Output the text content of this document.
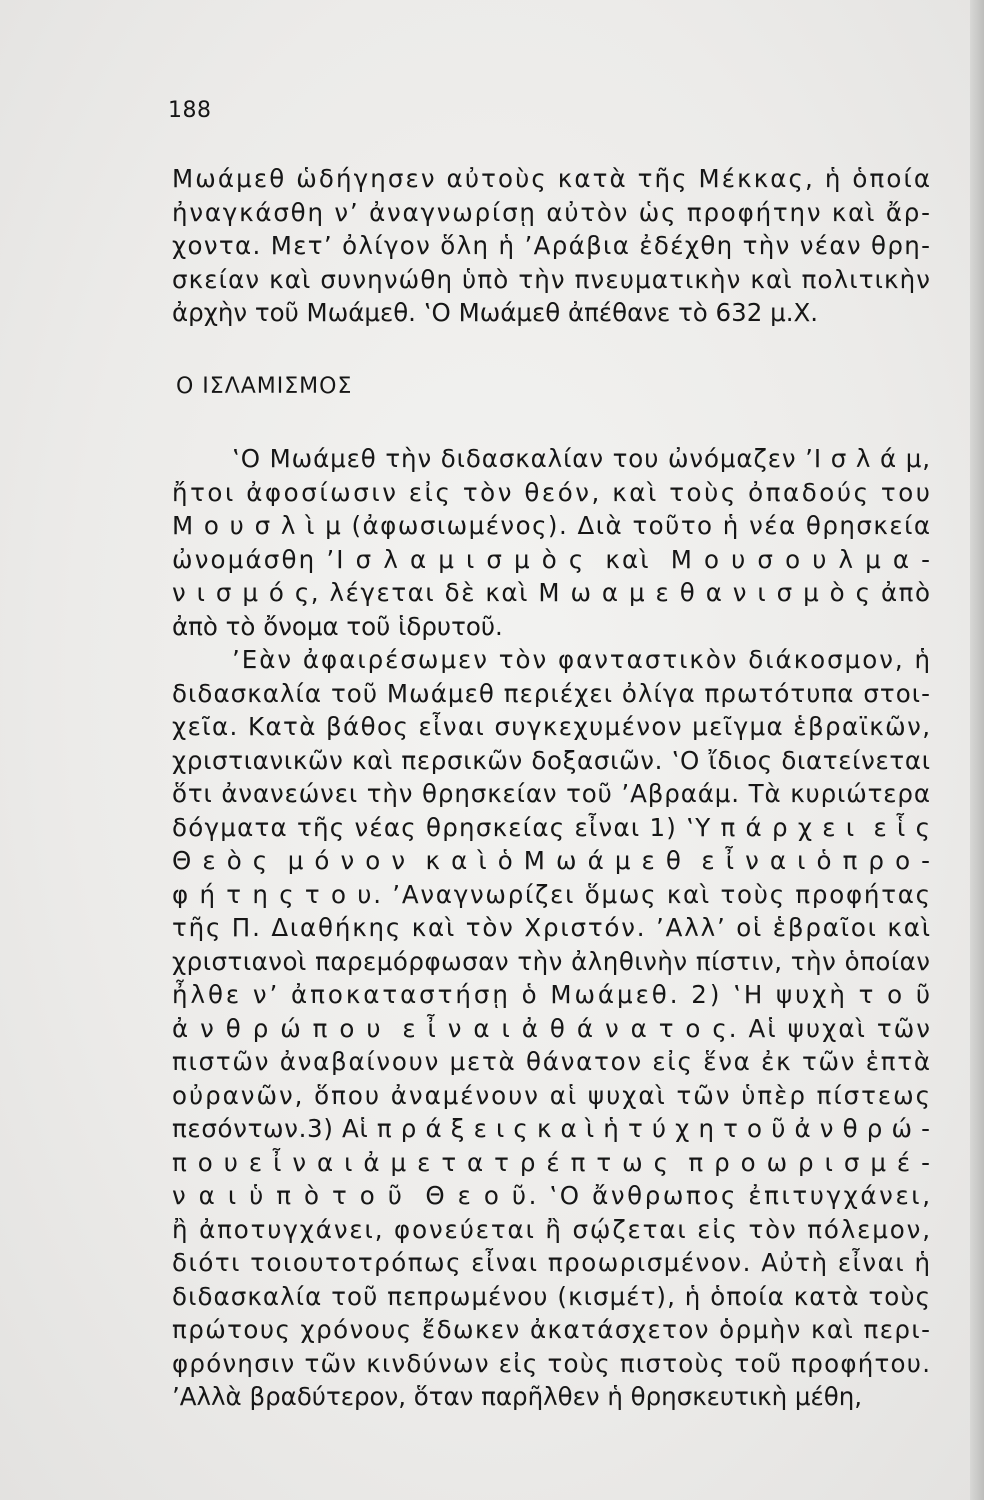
188
Μωάμεθ ὡδήγησεν αὐτοὺς κατὰ τῆς Μέκκας, ἡ ὁποία
ἠναγκάσθη ν’ ἀναγνωρίσῃ αὐτὸν ὡς προφήτην καὶ ἄρ-
χοντα. Μετ’ ὀλίγον ὅλη ἡ ’Αράβια ἐδέχθη τὴν νέαν θρη-
σκείαν καὶ συνηνώθη ὑπὸ τὴν πνευματικὴν καὶ πολιτικὴν
ἀρχὴν τοῦ Μωάμεθ. ‛Ο Μωάμεθ ἀπέθανε τὸ 632 μ.Χ.
Ο ΙΣΛΑΜΙΣΜΟΣ
‛Ο Μωάμεθ τὴν διδασκαλίαν του ὠνόμαζεν ’Ι σ λ ά μ,
ἤτοι ἀφοσίωσιν εἰς τὸν θεόν, καὶ τοὺς ὀπαδούς του
Μ ο υ σ λ ὶ μ (ἀφωσιωμένος). Διὰ τοῦτο ἡ νέα θρησκεία
ὠνομάσθη ’Ι σ λ α μ ι σ μ ὸ ς  καὶ  Μ ο υ σ ο υ λ μ α -
ν ι σ μ ό ς, λέγεται δὲ καὶ Μ ω α μ ε θ α ν ι σ μ ὸ ς ἀπὸ
ἀπὸ τὸ ὄνομα τοῦ ἱδρυτοῦ.
’Εὰν ἀφαιρέσωμεν τὸν φανταστικὸν διάκοσμον, ἡ
διδασκαλία τοῦ Μωάμεθ περιέχει ὀλίγα πρωτότυπα στοι-
χεῖα. Κατὰ βάθος εἶναι συγκεχυμένον μεῖγμα ἑβραϊκῶν,
χριστιανικῶν καὶ περσικῶν δοξασιῶν. ‛Ο ἴδιος διατείνεται
ὅτι ἀνανεώνει τὴν θρησκείαν τοῦ ’Αβραάμ. Τὰ κυριώτερα
δόγματα τῆς νέας θρησκείας εἶναι 1) ‛Υ π ά ρ χ ε ι  ε ἷ ς
Θ ε ὸ ς  μ ό ν ο ν  κ α ὶ ὁ Μ ω ά μ ε θ  ε ἶ ν α ι ὁ π ρ ο -
φ ή τ η ς τ ο υ. ’Αναγνωρίζει ὅμως καὶ τοὺς προφήτας
τῆς Π. Διαθήκης καὶ τὸν Χριστόν. ’Αλλ’ οἱ ἑβραῖοι καὶ
χριστιανοὶ παρεμόρφωσαν τὴν ἀληθινὴν πίστιν, τὴν ὁποίαν
ἦλθε ν’ ἀποκαταστήσῃ ὁ Μωάμεθ. 2) ‛Η ψυχὴ τ ο ῦ
ἀ ν θ ρ ώ π ο υ  ε ἶ ν α ι ἀ θ ά ν α τ ο ς. Αἱ ψυχαὶ τῶν
πιστῶν ἀναβαίνουν μετὰ θάνατον εἰς ἕνα ἐκ τῶν ἑπτὰ
οὐρανῶν, ὅπου ἀναμένουν αἱ ψυχαὶ τῶν ὑπὲρ πίστεως
πεσόντων.3) Αἱ π ρ ά ξ ε ι ς κ α ὶ ἡ τ ύ χ η τ ο ῦ ἀ ν θ ρ ώ -
π ο υ ε ἶ ν α ι ἀ μ ε τ α τ ρ έ π τ ω ς  π ρ ο ω ρ ι σ μ έ -
ν α ι ὑ π ὸ τ ο ῦ  Θ ε ο ῦ. ‛Ο ἄνθρωπος ἐπιτυγχάνει,
ἢ ἀποτυγχάνει, φονεύεται ἢ σῴζεται εἰς τὸν πόλεμον,
διότι τοιουτοτρόπως εἶναι προωρισμένον. Αὐτὴ εἶναι ἡ
διδασκαλία τοῦ πεπρωμένου (κισμέτ), ἡ ὁποία κατὰ τοὺς
πρώτους χρόνους ἔδωκεν ἀκατάσχετον ὁρμὴν καὶ περι-
φρόνησιν τῶν κινδύνων εἰς τοὺς πιστοὺς τοῦ προφήτου.
’Αλλὰ βραδύτερον, ὅταν παρῆλθεν ἡ θρησκευτικὴ μέθη,
